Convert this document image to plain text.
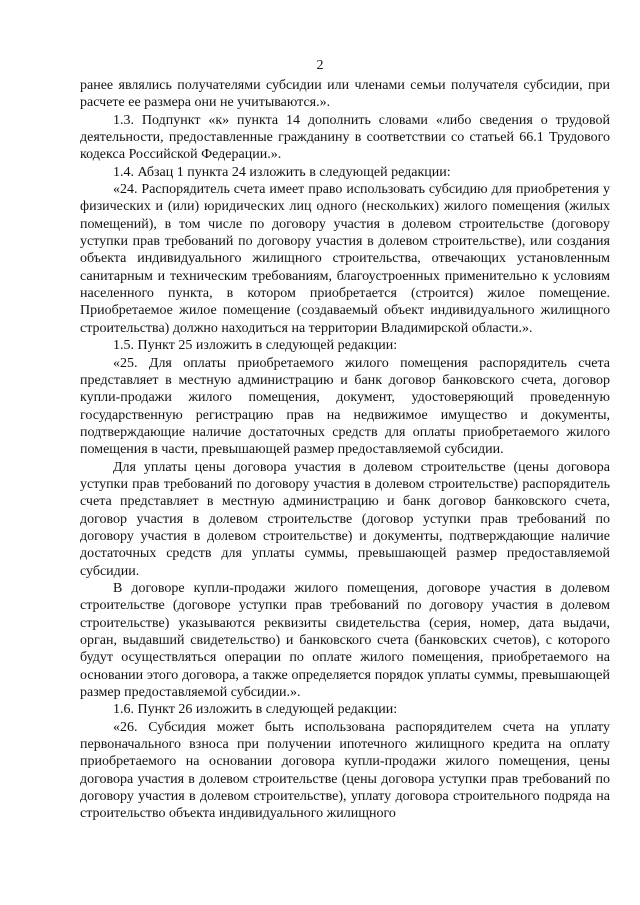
2

ранее являлись получателями субсидии или членами семьи получателя субсидии, при расчете ее размера они не учитываются.».

1.3. Подпункт «к» пункта 14 дополнить словами «либо сведения о трудовой деятельности, предоставленные гражданину в соответствии со статьей 66.1 Трудового кодекса Российской Федерации.».

1.4. Абзац 1 пункта 24 изложить в следующей редакции:

«24. Распорядитель счета имеет право использовать субсидию для приобретения у физических и (или) юридических лиц одного (нескольких) жилого помещения (жилых помещений), в том числе по договору участия в долевом строительстве (договору уступки прав требований по договору участия в долевом строительстве), или создания объекта индивидуального жилищного строительства, отвечающих установленным санитарным и техническим требованиям, благоустроенных применительно к условиям населенного пункта, в котором приобретается (строится) жилое помещение. Приобретаемое жилое помещение (создаваемый объект индивидуального жилищного строительства) должно находиться на территории Владимирской области.».

1.5. Пункт 25 изложить в следующей редакции:

«25. Для оплаты приобретаемого жилого помещения распорядитель счета представляет в местную администрацию и банк договор банковского счета, договор купли-продажи жилого помещения, документ, удостоверяющий проведенную государственную регистрацию прав на недвижимое имущество и документы, подтверждающие наличие достаточных средств для оплаты приобретаемого жилого помещения в части, превышающей размер предоставляемой субсидии.

Для уплаты цены договора участия в долевом строительстве (цены договора уступки прав требований по договору участия в долевом строительстве) распорядитель счета представляет в местную администрацию и банк договор банковского счета, договор участия в долевом строительстве (договор уступки прав требований по договору участия в долевом строительстве) и документы, подтверждающие наличие достаточных средств для уплаты суммы, превышающей размер предоставляемой субсидии.

В договоре купли-продажи жилого помещения, договоре участия в долевом строительстве (договоре уступки прав требований по договору участия в долевом строительстве) указываются реквизиты свидетельства (серия, номер, дата выдачи, орган, выдавший свидетельство) и банковского счета (банковских счетов), с которого будут осуществляться операции по оплате жилого помещения, приобретаемого на основании этого договора, а также определяется порядок уплаты суммы, превышающей размер предоставляемой субсидии.».

1.6. Пункт 26 изложить в следующей редакции:

«26. Субсидия может быть использована распорядителем счета на уплату первоначального взноса при получении ипотечного жилищного кредита на оплату приобретаемого на основании договора купли-продажи жилого помещения, цены договора участия в долевом строительстве (цены договора уступки прав требований по договору участия в долевом строительстве), уплату договора строительного подряда на строительство объекта индивидуального жилищного
